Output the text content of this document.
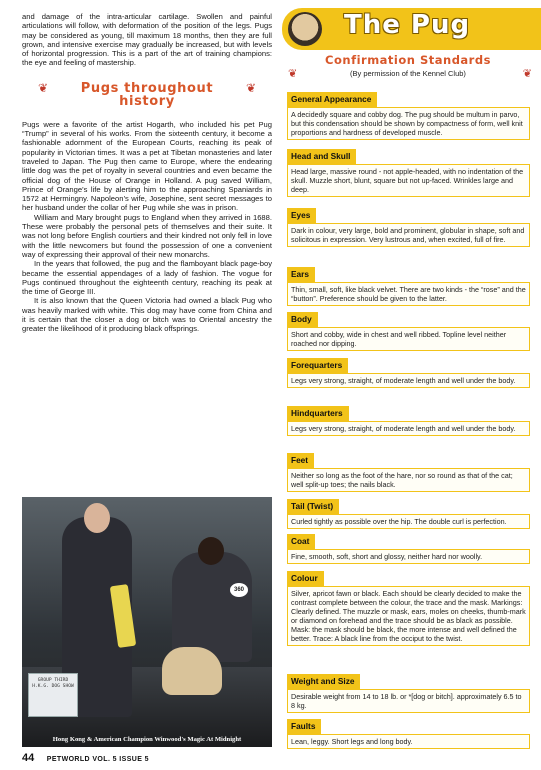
and damage of the intra-articular cartilage. Swollen and painful articulations will follow, with deformation of the position of the legs. Pugs may be considered as young, till maximum 18 months, then they are full grown, and intensive exercise may gradually be increased, but with levels of horizontal progression. This is a part of the art of training champions: the eye and feeling of mastership.

❦	Pugs throughout
history
❦

Pugs were a favorite of the artist Hogarth, who included his pet Pug “Trump” in several of his works. From the sixteenth century, it become a fashionable adornment of the European Courts, reaching its peak of popularity in Victorian times. It was a pet at Tibetan monasteries and later traveled to Japan. The Pug then came to Europe, where the endearing little dog was the pet of royalty in several countries and even became the official dog of the House of Orange in Holland. A pug saved William, Prince of Orange’s life by alerting him to the approaching Spaniards in 1572 at Hermingny. Napoleon’s wife, Josephine, sent secret messages to her husband under the collar of her Pug while she was in prison.

William and Mary brought pugs to England when they arrived in 1688. These were probably the personal pets of themselves and their suite. It was not long before English courtiers and their kindred not only fell in love with the little newcomers but found the possession of one a convenient way of expressing their approval of their new monarchs.

In the years that followed, the pug and the flamboyant black page-boy became the essential appendages of a lady of fashion. The vogue for Pugs continued throughout the eighteenth century, reaching its peak at the time of George III.

It is also known that the Queen Victoria had owned a black Pug who was heavily marked with white. This dog may have come from China and it is certain that the closer a dog or bitch was to Oriental ancestry the greater the likelihood of it producing black offsprings.

360
GROUP THIRD
H.K.G. DOG SHOW
Hong Kong & American Champion Winwood's Magic At Midnight
44 PETWORLD VOL. 5 ISSUE 5
The Pug
❦
Confirmation Standards
(By permission of the Kennel Club)	❦
General Appearance
A decidedly square and cobby dog. The pug should be multum in parvo, but this condensation should be shown by compactness of form, well knit proportions and hardness of developed muscle.
Head and Skull
Head large, massive round - not apple-headed, with no indentation of the skull. Muzzle short, blunt, square but not up-faced. Wrinkles large and deep.
Eyes
Dark in colour, very large, bold and prominent, globular in shape, soft and solicitous in expression. Very lustrous and, when excited, full of fire.
Ears
Thin, small, soft, like black velvet. There are two kinds - the “rose” and the “button”. Preference should be given to the latter.
Body
Short and cobby, wide in chest and well ribbed. Topline level neither roached nor dipping.
Forequarters
Legs very strong, straight, of moderate length and well under the body.
Hindquarters
Legs very strong, straight, of moderate length and well under the body.
Feet
Neither so long as the foot of the hare, nor so round as that of the cat; well split-up toes; the nails black.
Tail (Twist)
Curled tightly as possible over the hip. The double curl is perfection.
Coat
Fine, smooth, soft, short and glossy, neither hard nor woolly.
Colour
Silver, apricot fawn or black. Each should be clearly decided to make the contrast complete between the colour, the trace and the mask. Markings: Clearly defined. The muzzle or mask, ears, moles on cheeks, thumb-mark or diamond on forehead and the trace should be as black as possible. Mask: the mask should be black, the more intense and well defined the better. Trace: A black line from the occiput to the twist.
Weight and Size
Desirable weight from 14 to 18 lb. or *[dog or bitch]. approximately 6.5 to 8 kg.
Faults
Lean, leggy. Short legs and long body.
